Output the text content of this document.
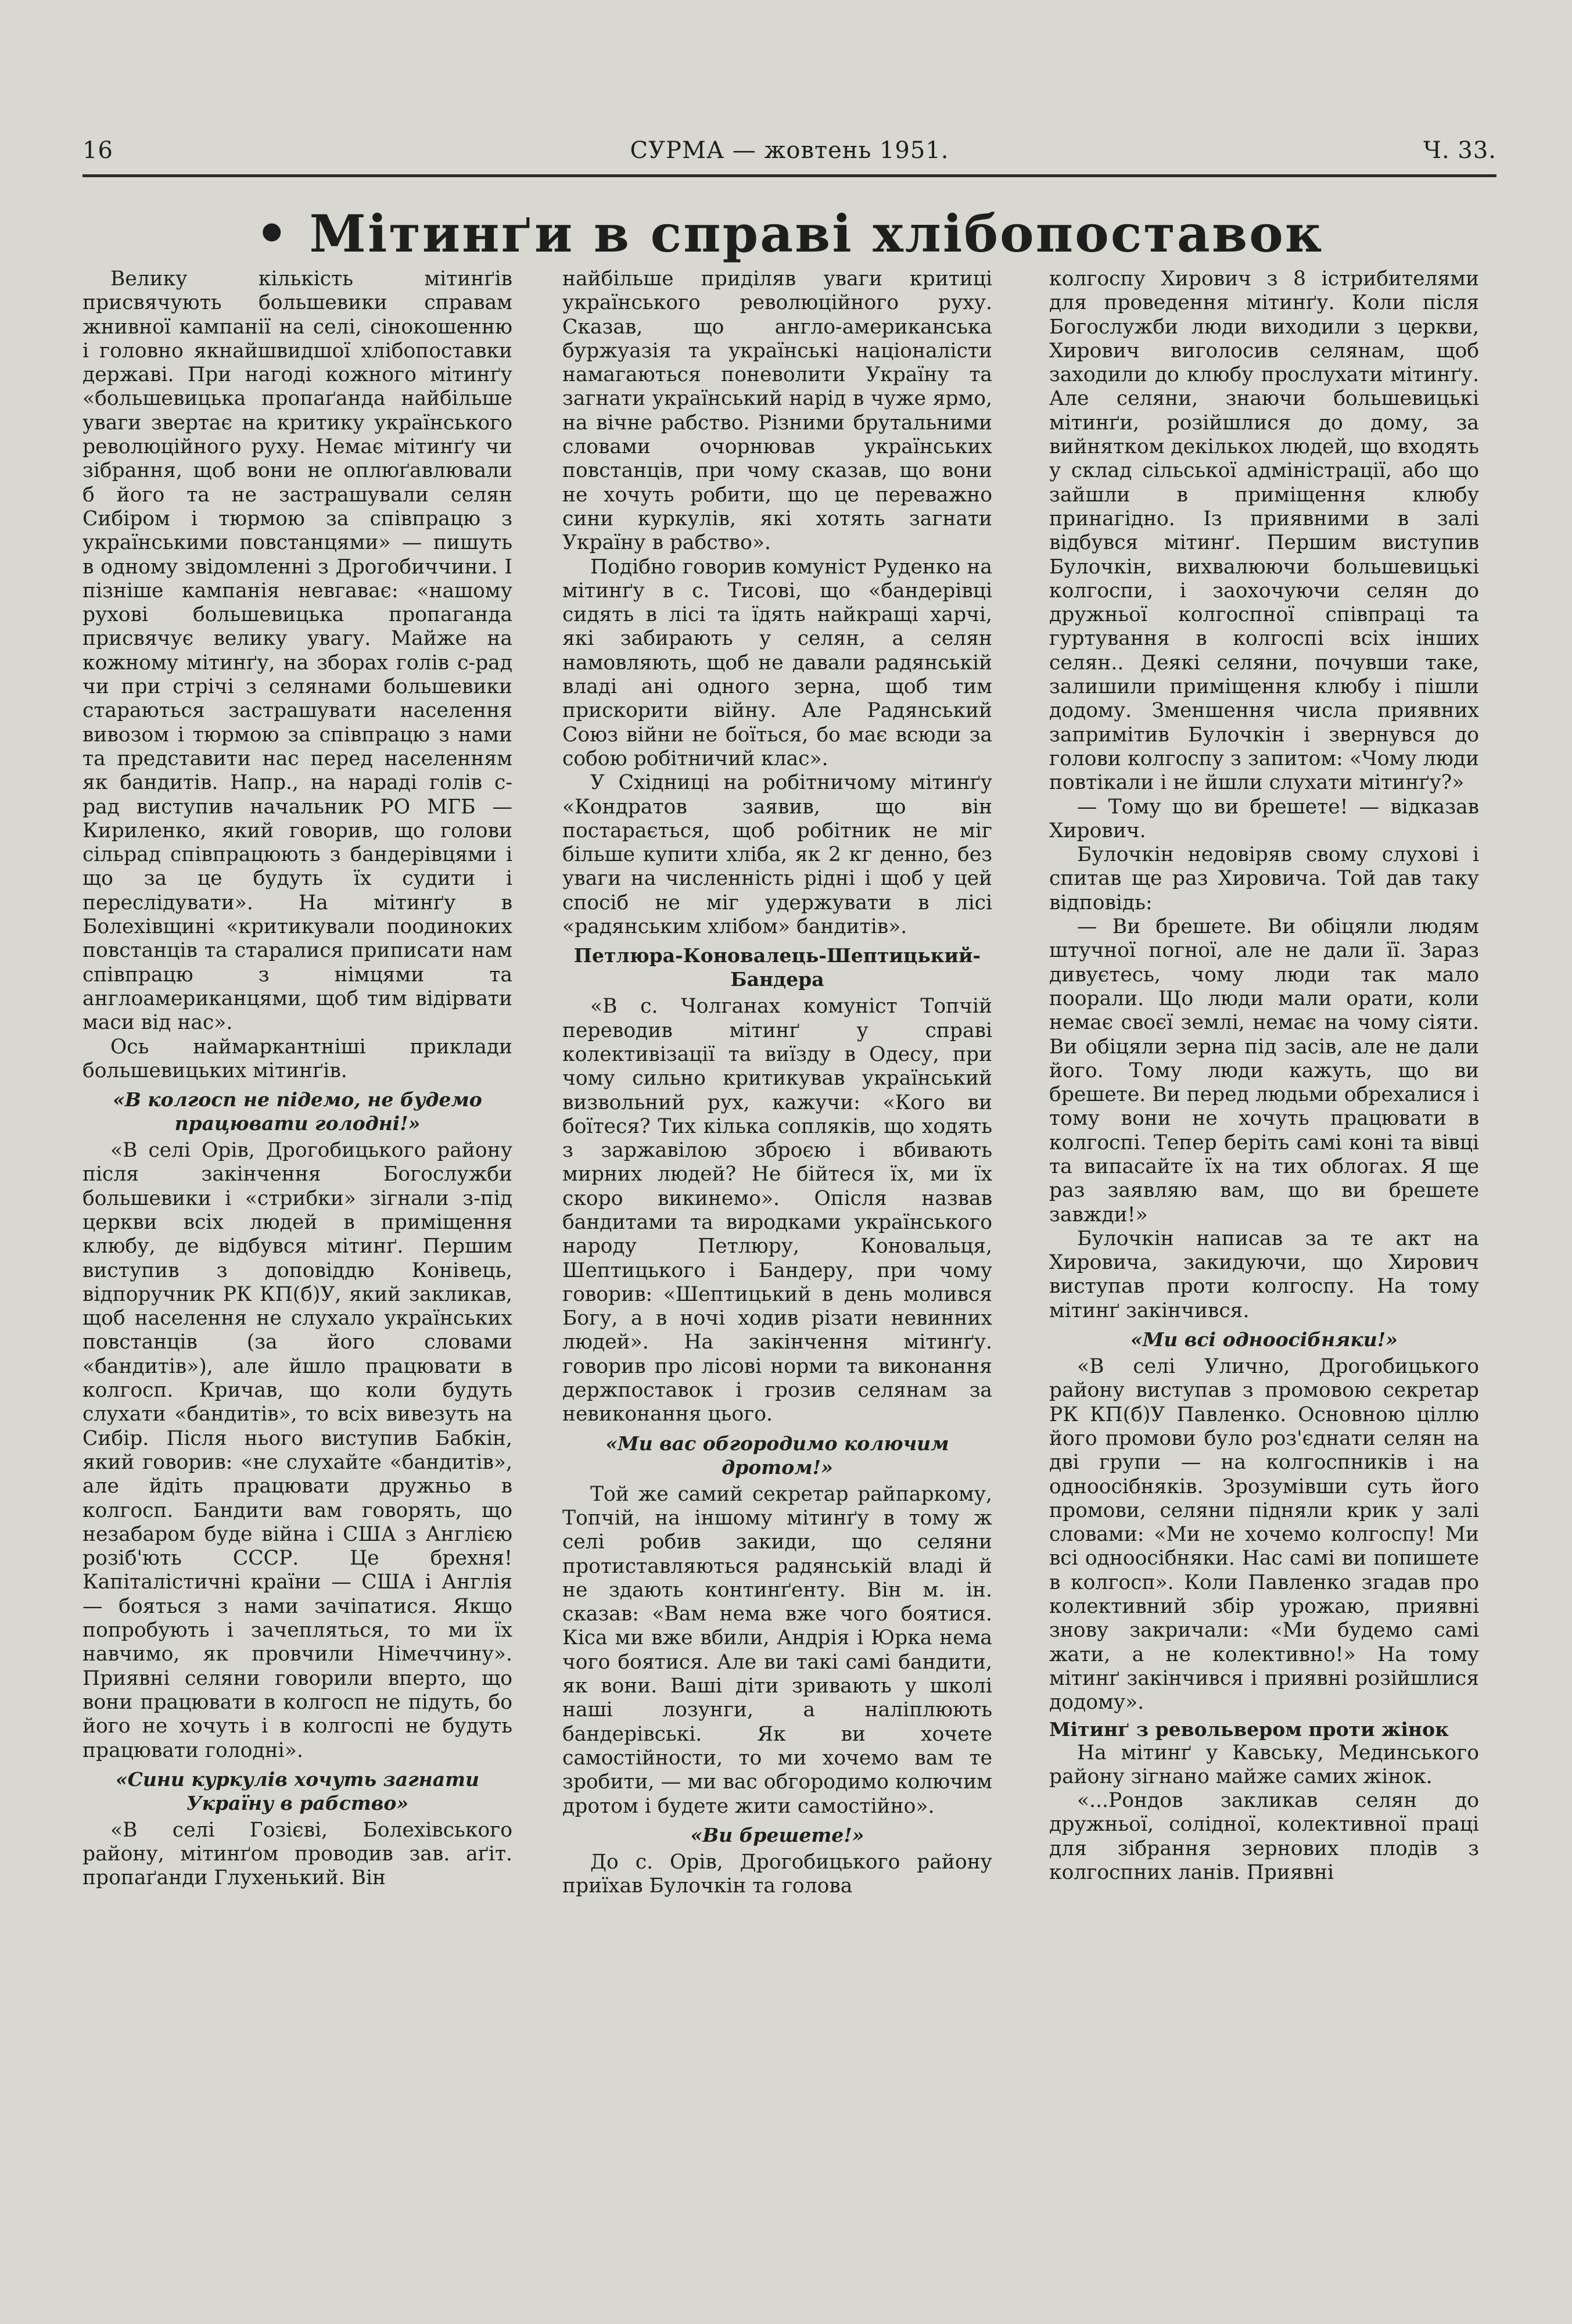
16	СУРМА — жовтень 1951.	Ч. 33.
• Мітинґи в справі хлібопоставок

Велику кількість мітинґів присвячують большевики справам жнивної кампанії на селі, сінокошенню і головно якнайшвидшої хлібопоставки державі. При нагоді кожного мітинґу «большевицька пропаґанда найбільше уваги звертає на критику українського революційного руху. Немає мітинґу чи зібрання, щоб вони не оплюґавлювали б його та не застрашували селян Сибіром і тюрмою за співпрацю з українськими повстанцями» — пишуть в одному звідомленні з Дрогобиччини. І пізніше кампанія невгаває: «нашому рухові большевицька пропаганда присвячує велику увагу. Майже на кожному мітинґу, на зборах голів с-рад чи при стрічі з селянами большевики стараються застрашувати населення вивозом і тюрмою за співпрацю з нами та представити нас перед населенням як бандитів. Напр., на нараді голів с-рад виступив начальник РО МГБ — Кириленко, який говорив, що голови сільрад співпрацюють з бандерівцями і що за це будуть їх судити і переслідувати». На мітинґу в Болехівщині «критикували поодиноких повстанців та старалися приписати нам співпрацю з німцями та англоамериканцями, щоб тим відірвати маси від нас».

Ось наймаркантніші приклади большевицьких мітинґів.

«В колгосп не підемо, не будемо працювати голодні!»

«В селі Орів, Дрогобицького району після закінчення Богослужби большевики і «стрибки» зігнали з-під церкви всіх людей в приміщення клюбу, де відбувся мітинґ. Першим виступив з доповіддю Конівець, відпоручник РК КП(б)У, який закликав, щоб населення не слухало українських повстанців (за його словами «бандитів»), але йшло працювати в колгосп. Кричав, що коли будуть слухати «бандитів», то всіх вивезуть на Сибір. Після нього виступив Бабкін, який говорив: «не слухайте «бандитів», але йдіть працювати дружньо в колгосп. Бандити вам говорять, що незабаром буде війна і США з Англією розіб'ють СССР. Це брехня! Капіталістичні країни — США і Англія — бояться з нами зачіпатися. Якщо попробують і зачепляться, то ми їх навчимо, як провчили Німеччину». Приявні селяни говорили вперто, що вони працювати в колгосп не підуть, бо його не хочуть і в колгоспі не будуть працювати голодні».

«Сини куркулів хочуть загнати Україну в рабство»

«В селі Гозієві, Болехівського району, мітинґом проводив зав. аґіт. пропаґанди Глухенький. Він

найбільше приділяв уваги критиці українського революційного руху. Сказав, що англо-американська буржуазія та українські націоналісти намагаються поневолити Україну та загнати український нарід в чуже ярмо, на вічне рабство. Різними брутальними словами очорнював українських повстанців, при чому сказав, що вони не хочуть робити, що це переважно сини куркулів, які хотять загнати Україну в рабство».

Подібно говорив комуніст Руденко на мітинґу в с. Тисові, що «бандерівці сидять в лісі та їдять найкращі харчі, які забирають у селян, а селян намовляють, щоб не давали радянській владі ані одного зерна, щоб тим прискорити війну. Але Радянський Союз війни не боїться, бо має всюди за собою робітничий клас».

У Східниці на робітничому мітинґу «Кондратов заявив, що він постарається, щоб робітник не міг більше купити хліба, як 2 кг денно, без уваги на численність рідні і щоб у цей спосіб не міг удержувати в лісі «радянським хлібом» бандитів».

Петлюра-Коновалець-Шептицький-Бандера

«В с. Чолганах комуніст Топчій переводив мітинґ у справі колективізації та виїзду в Одесу, при чому сильно критикував український визвольний рух, кажучи: «Кого ви боїтеся? Тих кілька сопляків, що ходять з заржавілою зброєю і вбивають мирних людей? Не бійтеся їх, ми їх скоро викинемо». Опісля назвав бандитами та виродками українського народу Петлюру, Коновальця, Шептицького і Бандеру, при чому говорив: «Шептицький в день молився Богу, а в ночі ходив різати невинних людей». На закінчення мітинґу. говорив про лісові норми та виконання держпоставок і грозив селянам за невиконання цього.

«Ми вас обгородимо колючим дротом!»

Той же самий секретар райпаркому, Топчій, на іншому мітинґу в тому ж селі робив закиди, що селяни протиставляються радянській владі й не здають континґенту. Він м. ін. сказав: «Вам нема вже чого боятися. Кіса ми вже вбили, Андрія і Юрка нема чого боятися. Але ви такі самі бандити, як вони. Ваші діти зривають у школі наші лозунги, а наліплюють бандерівські. Як ви хочете самостійности, то ми хочемо вам те зробити, — ми вас обгородимо колючим дротом і будете жити самостійно».

«Ви брешете!»

До с. Орів, Дрогобицького району приїхав Булочкін та голова

колгоспу Хирович з 8 істрибителями для проведення мітинґу. Коли після Богослужби люди виходили з церкви, Хирович виголосив селянам, щоб заходили до клюбу прослухати мітинґу. Але селяни, знаючи большевицькі мітинґи, розійшлися до дому, за вийнятком декількох людей, що входять у склад сільської адміністрації, або що зайшли в приміщення клюбу принагідно. Із приявними в залі відбувся мітинґ. Першим виступив Булочкін, вихвалюючи большевицькі колгоспи, і заохочуючи селян до дружньої колгоспної співпраці та гуртування в колгоспі всіх інших селян.. Деякі селяни, почувши таке, залишили приміщення клюбу і пішли додому. Зменшення числа приявних запримітив Булочкін і звернувся до голови колгоспу з запитом: «Чому люди повтікали і не йшли слухати мітинґу?»

— Тому що ви брешете! — відказав Хирович.

Булочкін недовіряв свому слухові і спитав ще раз Хировича. Той дав таку відповідь:

— Ви брешете. Ви обіцяли людям штучної погної, але не дали її. Зараз дивуєтесь, чому люди так мало поорали. Що люди мали орати, коли немає своєї землі, немає на чому сіяти. Ви обіцяли зерна під засів, але не дали його. Тому люди кажуть, що ви брешете. Ви перед людьми обрехалися і тому вони не хочуть працювати в колгоспі. Тепер беріть самі коні та вівці та випасайте їх на тих облогах. Я ще раз заявляю вам, що ви брешете завжди!»

Булочкін написав за те акт на Хировича, закидуючи, що Хирович виступав проти колгоспу. На тому мітинґ закінчився.

«Ми всі одноосібняки!»

«В селі Улично, Дрогобицького району виступав з промовою секретар РК КП(б)У Павленко. Основною ціллю його промови було роз'єднати селян на дві групи — на колгоспників і на одноосібняків. Зрозумівши суть його промови, селяни підняли крик у залі словами: «Ми не хочемо колгоспу! Ми всі одноосібняки. Нас самі ви попишете в колгосп». Коли Павленко згадав про колективний збір урожаю, приявні знову закричали: «Ми будемо самі жати, а не колективно!» На тому мітинґ закінчився і приявні розійшлися додому».

Мітинґ з револьвером проти жінок

На мітинґ у Кавську, Мединського району зігнано майже самих жінок.

«...Рондов закликав селян до дружньої, солідної, колективної праці для зібрання зернових плодів з колгоспних ланів. Приявні
